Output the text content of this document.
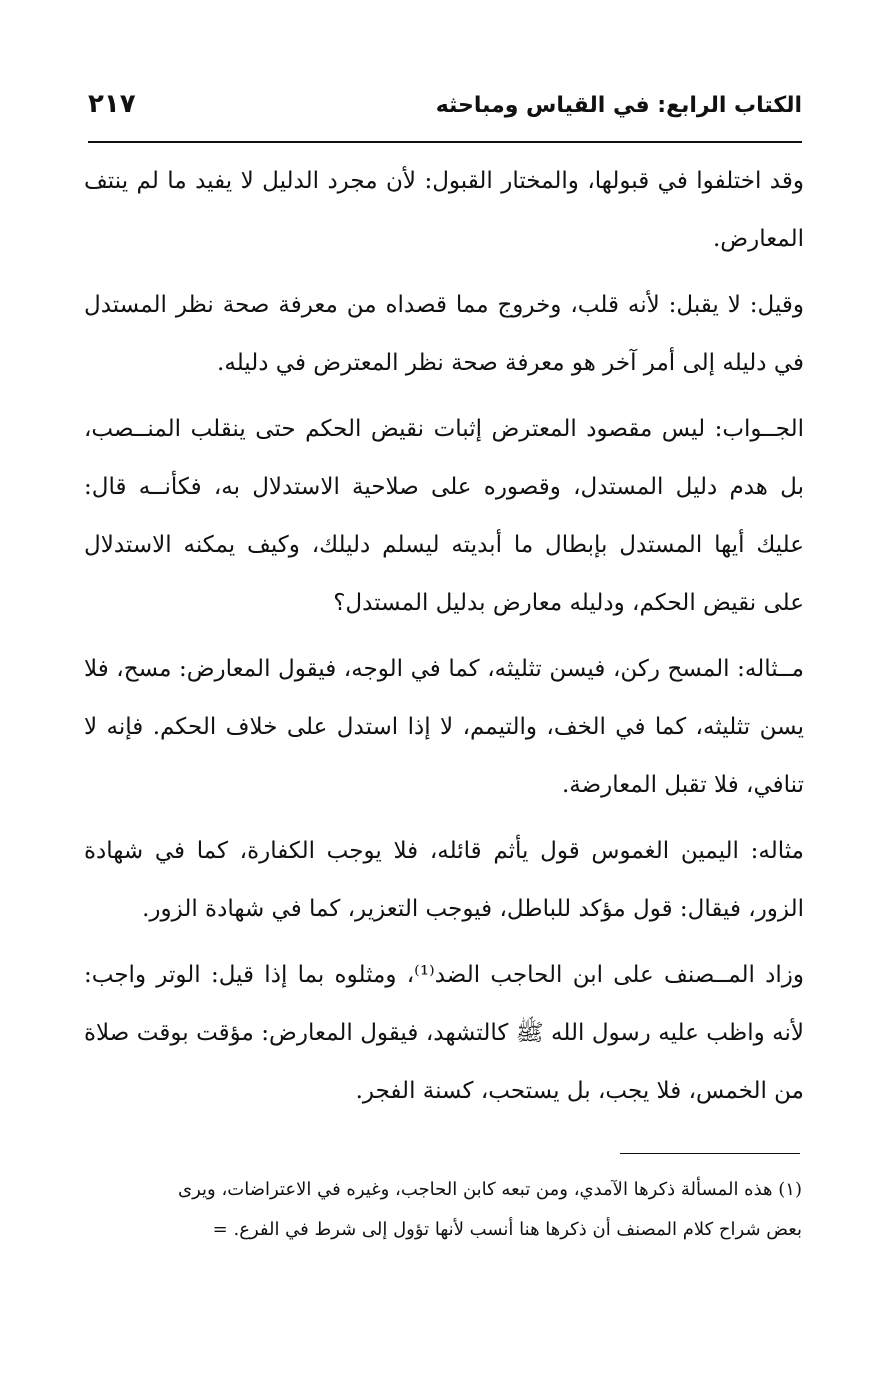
الكتاب الرابع: في القياس ومباحثه
٢١٧

وقد اختلفوا في قبولها، والمختار القبول: لأن مجرد الدليل لا يفيد ما لم ينتف المعارض.

وقيل: لا يقبل: لأنه قلب، وخروج مما قصداه من معرفة صحة نظر المستدل في دليله إلى أمر آخر هو معرفة صحة نظر المعترض في دليله.

الجــواب: ليس مقصود المعترض إثبات نقيض الحكم حتى ينقلب المنــصب، بل هدم دليل المستدل، وقصوره على صلاحية الاستدلال به، فكأنــه قال: عليك أيها المستدل بإبطال ما أبديته ليسلم دليلك، وكيف يمكنه الاستدلال على نقيض الحكم، ودليله معارض بدليل المستدل؟

مــثاله: المسح ركن، فيسن تثليثه، كما في الوجه، فيقول المعارض: مسح، فلا يسن تثليثه، كما في الخف، والتيمم، لا إذا استدل على خلاف الحكم. فإنه لا تنافي، فلا تقبل المعارضة.

مثاله: اليمين الغموس قول يأثم قائله، فلا يوجب الكفارة، كما في شهادة الزور، فيقال: قول مؤكد للباطل، فيوجب التعزير، كما في شهادة الزور.

وزاد المــصنف على ابن الحاجب الضد⁽¹⁾، ومثلوه بما إذا قيل: الوتر واجب: لأنه واظب عليه رسول الله ﷺ كالتشهد، فيقول المعارض: مؤقت بوقت صلاة من الخمس، فلا يجب، بل يستحب، كسنة الفجر.

(١) هذه المسألة ذكرها الآمدي، ومن تبعه كابن الحاجب، وغيره في الاعتراضات، ويرى

بعض شراح كلام المصنف أن ذكرها هنا أنسب لأنها تؤول إلى شرط في الفرع. =
